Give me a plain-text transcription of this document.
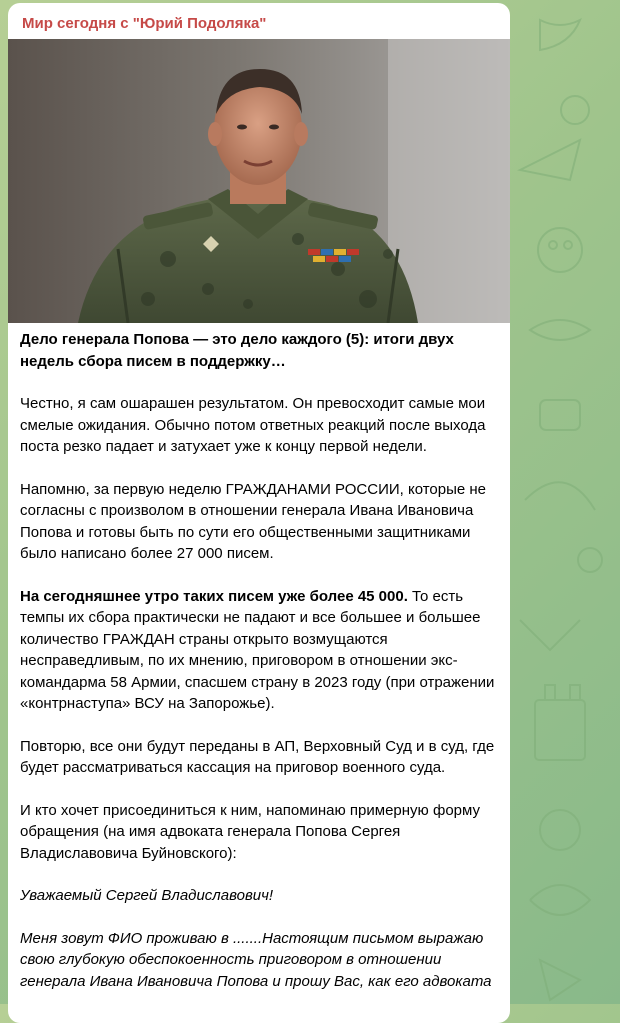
Мир сегодня с "Юрий Подоляка"

Дело генерала Попова — это дело каждого (5): итоги двух недель сбора писем в поддержку…

Честно, я сам ошарашен результатом. Он превосходит самые мои смелые ожидания. Обычно потом ответных реакций после выхода поста резко падает и затухает уже к концу первой недели.

Напомню, за первую неделю ГРАЖДАНАМИ РОССИИ, которые не согласны с произволом в отношении генерала Ивана Ивановича Попова и готовы быть по сути его общественными защитниками было написано более 27 000 писем.

На сегодняшнее утро таких писем уже более 45 000. То есть темпы их сбора практически не падают и все большее и большее количество ГРАЖДАН страны открыто возмущаются несправедливым, по их мнению, приговором в отношении экс-командарма 58 Армии, спасшем страну в 2023 году (при отражении «контрнаступа» ВСУ на Запорожье).

Повторю, все они будут переданы в АП, Верховный Суд и в суд, где будет рассматриваться кассация на приговор военного суда.

И кто хочет присоединиться к ним, напоминаю примерную форму обращения (на имя адвоката генерала Попова Сергея Владиславовича Буйновского):

Уважаемый Сергей Владиславович!

Меня зовут ФИО проживаю в .......Настоящим письмом выражаю свою глубокую обеспокоенность приговором в отношении генерала Ивана Ивановича Попова и прошу Вас, как его адвоката
